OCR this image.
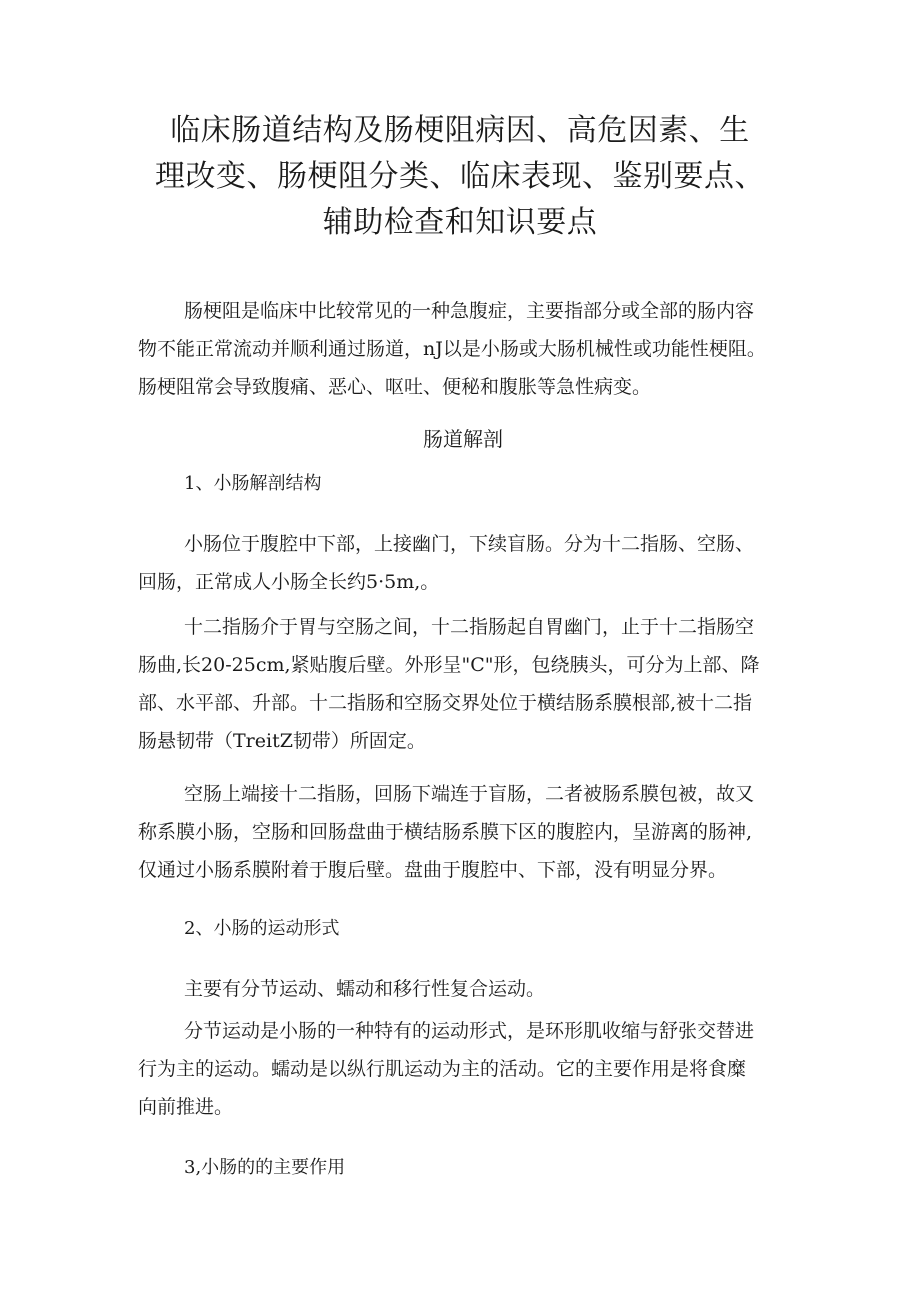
临床肠道结构及肠梗阻病因、高危因素、生
理改变、肠梗阻分类、临床表现、鉴别要点、
辅助检查和知识要点

肠梗阻是临床中比较常见的一种急腹症，主要指部分或全部的肠内容
物不能正常流动并顺利通过肠道，nJ以是小肠或大肠机械性或功能性梗阻。
肠梗阻常会导致腹痛、恶心、呕吐、便秘和腹胀等急性病变。

肠道解剖
1、小肠解剖结构

小肠位于腹腔中下部，上接幽门，下续盲肠。分为十二指肠、空肠、
回肠，正常成人小肠全长约5·5m,。

十二指肠介于胃与空肠之间，十二指肠起自胃幽门，止于十二指肠空
肠曲,长20-25cm,紧贴腹后壁。外形呈"C"形，包绕胰头，可分为上部、降
部、水平部、升部。十二指肠和空肠交界处位于横结肠系膜根部,被十二指
肠悬韧带（TreitZ韧带）所固定。

空肠上端接十二指肠，回肠下端连于盲肠，二者被肠系膜包被，故又
称系膜小肠，空肠和回肠盘曲于横结肠系膜下区的腹腔内，呈游离的肠神,
仅通过小肠系膜附着于腹后壁。盘曲于腹腔中、下部，没有明显分界。

2、小肠的运动形式

主要有分节运动、蠕动和移行性复合运动。

分节运动是小肠的一种特有的运动形式，是环形肌收缩与舒张交替进
行为主的运动。蠕动是以纵行肌运动为主的活动。它的主要作用是将食糜
向前推进。

3,小肠的的主要作用
